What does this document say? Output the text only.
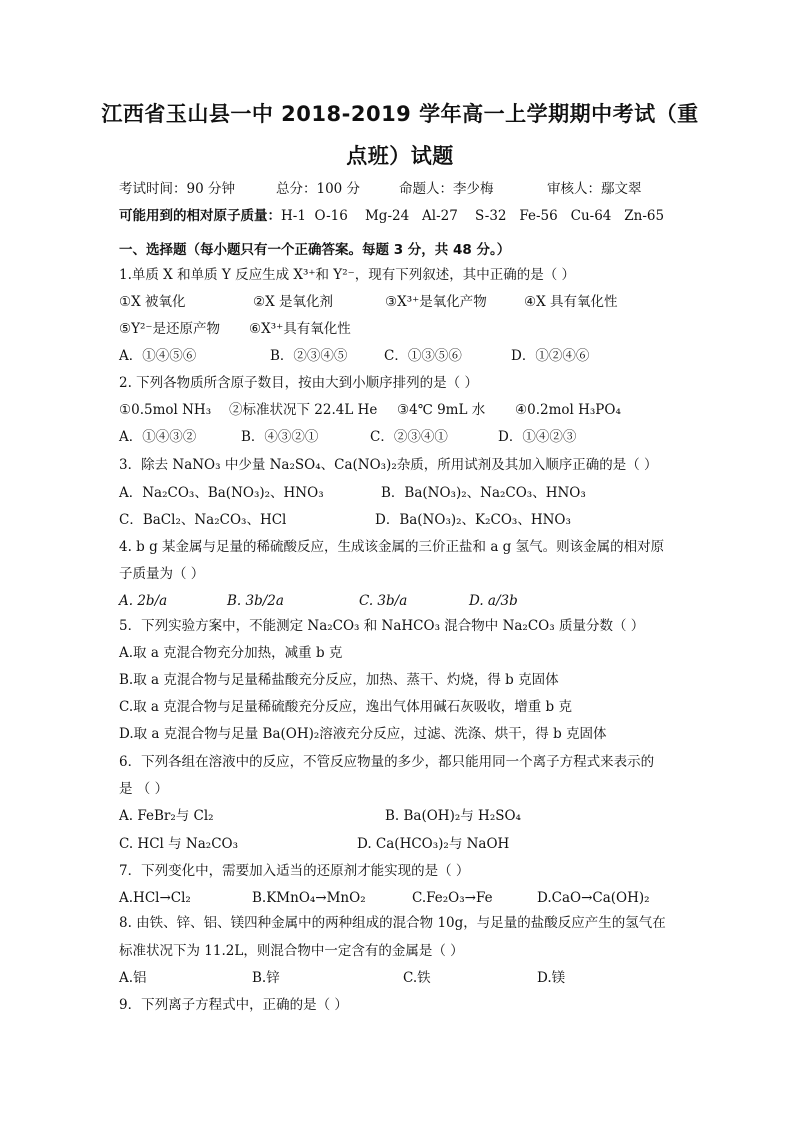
江西省玉山县一中 2018-2019 学年高一上学期期中考试（重
点班）试题
考试时间：90 分钟	总分：100 分	命题人：李少梅	审核人：鄢文翠
可能用到的相对原子质量：H-1  O-16    Mg-24   Al-27    S-32   Fe-56   Cu-64   Zn-65
一、选择题（每小题只有一个正确答案。每题 3 分，共 48 分。）
1.单质 X 和单质 Y 反应生成 X³⁺和 Y²⁻，现有下列叙述，其中正确的是（ ）
①X 被氧化	②X 是氧化剂	③X³⁺是氧化产物	④X 具有氧化性
⑤Y²⁻是还原产物 ⑥X³⁺具有氧化性
A．①④⑤⑥	B．②③④⑤	C．①③⑤⑥	D．①②④⑥
2. 下列各物质所含原子数目，按由大到小顺序排列的是（ ）
①0.5mol NH₃ ②标准状况下 22.4L He ③4℃ 9mL 水 ④0.2mol H₃PO₄
A．①④③②	B．④③②①	C．②③④①	D．①④②③
3．除去 NaNO₃ 中少量 Na₂SO₄、Ca(NO₃)₂杂质，所用试剂及其加入顺序正确的是（ ）
A．Na₂CO₃、Ba(NO₃)₂、HNO₃	B．Ba(NO₃)₂、Na₂CO₃、HNO₃
C．BaCl₂、Na₂CO₃、HCl	D．Ba(NO₃)₂、K₂CO₃、HNO₃
4. b g 某金属与足量的稀硫酸反应，生成该金属的三价正盐和 a g 氢气。则该金属的相对原
子质量为（ ）
A. 2b/a	B. 3b/2a	C. 3b/a	D. a/3b
5．下列实验方案中，不能测定 Na₂CO₃ 和 NaHCO₃ 混合物中 Na₂CO₃ 质量分数（ ）
A.取 a 克混合物充分加热，减重 b 克
B.取 a 克混合物与足量稀盐酸充分反应，加热、蒸干、灼烧，得 b 克固体
C.取 a 克混合物与足量稀硫酸充分反应，逸出气体用碱石灰吸收，增重 b 克
D.取 a 克混合物与足量 Ba(OH)₂溶液充分反应，过滤、洗涤、烘干，得 b 克固体
6．下列各组在溶液中的反应，不管反应物量的多少，都只能用同一个离子方程式来表示的
是 （ ）
A. FeBr₂与 Cl₂	B. Ba(OH)₂与 H₂SO₄
C. HCl 与 Na₂CO₃	D. Ca(HCO₃)₂与 NaOH
7．下列变化中，需要加入适当的还原剂才能实现的是（ ）
A.HCl→Cl₂	B.KMnO₄→MnO₂	C.Fe₂O₃→Fe	D.CaO→Ca(OH)₂
8. 由铁、锌、铝、镁四种金属中的两种组成的混合物 10g，与足量的盐酸反应产生的氢气在
标准状况下为 11.2L，则混合物中一定含有的金属是（ ）
A.铝	B.锌	C.铁	D.镁
9．下列离子方程式中，正确的是（ ）
